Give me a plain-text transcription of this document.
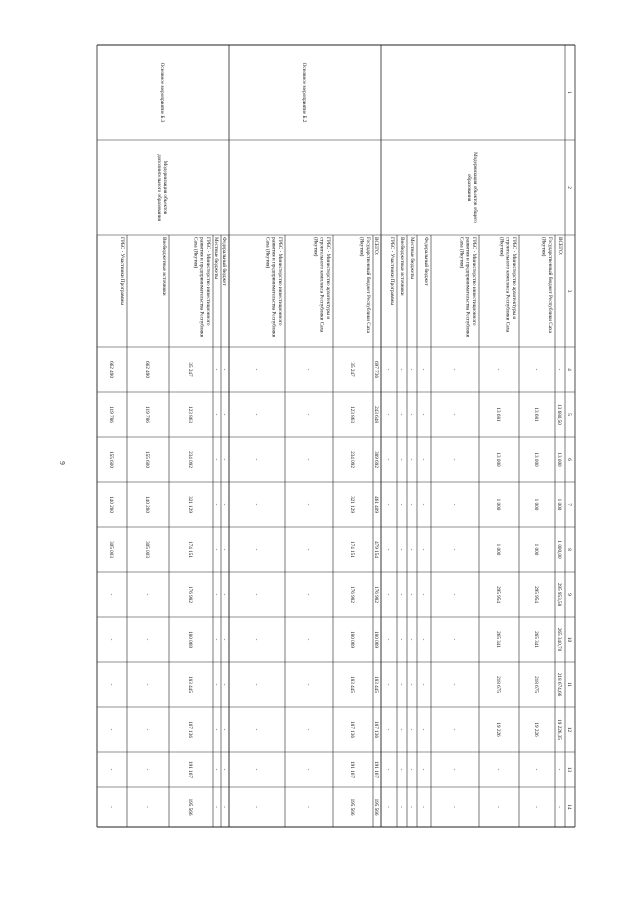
9
1
2
3
4
5
6
7
8
9
10
11
12
13
14
Модернизация объектов общегообразования
ВСЕГО:
-
13 680,50
13 000
1 000
1 000,00
295 953,58
265 340,70
218 674,66
19 226,35
-
-
Государственный бюджет Республики Саха(Якутия)
-
13 681
13 000
1 000
1 000
295 954
265 341
218 675
19 226
-
-
ГРБС - Министерство архитектуры истроительного комплекса Республики Саха(Якутия)
-
13 681
13 000
1 000
1 000
295 954
265 341
218 675
19 226
-
-
ГРБС - Министерство инвестиционногоразвития и предпринимательства РеспубликиСаха (Якутия)
-
-
-
-
-
-
-
-
-
-
-
Федеральный бюджет
-
-
-
-
-
-
-
-
-
-
-
Местные бюджеты
-
-
-
-
-
-
-
-
-
-
-
Внебюджетные источники
-
-
-
-
-
-
-
-
-
-
-
ГРБС - Участники Программы
-
-
-
-
-
-
-
-
-
-
-
Основное мероприятие Б.2
ВСЕГО:
697 736
243 648
389 692
461 409
479 154
176 982
180 069
183 445
187 136
191 167
195 566
Государственный бюджет Республики Саха(Якутия)
35 247
123 863
234 092
321 129
174 151
176 982
180 069
183 445
187 136
191 167
195 566
ГРБС - Министерство архитектуры истроительного комплекса Республики Саха(Якутия)
-
-
-
-
-
-
-
-
-
-
-
ГРБС - Министерство инвестиционногоразвития и предпринимательства РеспубликиСаха (Якутия)
-
-
-
-
-
-
-
-
-
-
-
Основное мероприятие Б.3
Модернизация объектовдополнительного образования
Федеральный бюджет
-
-
-
-
-
-
-
-
-
-
-
Местные бюджеты
-
-
-
-
-
-
-
-
-
-
-
ГРБС - Министерство инвестиционногоразвития и предпринимательства РеспубликиСаха (Якутия)
35 247
123 863
234 092
321 129
174 151
176 982
180 069
183 445
187 136
191 167
195 566
Внебюджетные источники
662 490
119 786
155 600
140 280
305 003
-
-
-
-
-
-
ГРБС - Участники Программы
662 490
119 786
155 600
140 280
305 003
-
-
-
-
-
-
